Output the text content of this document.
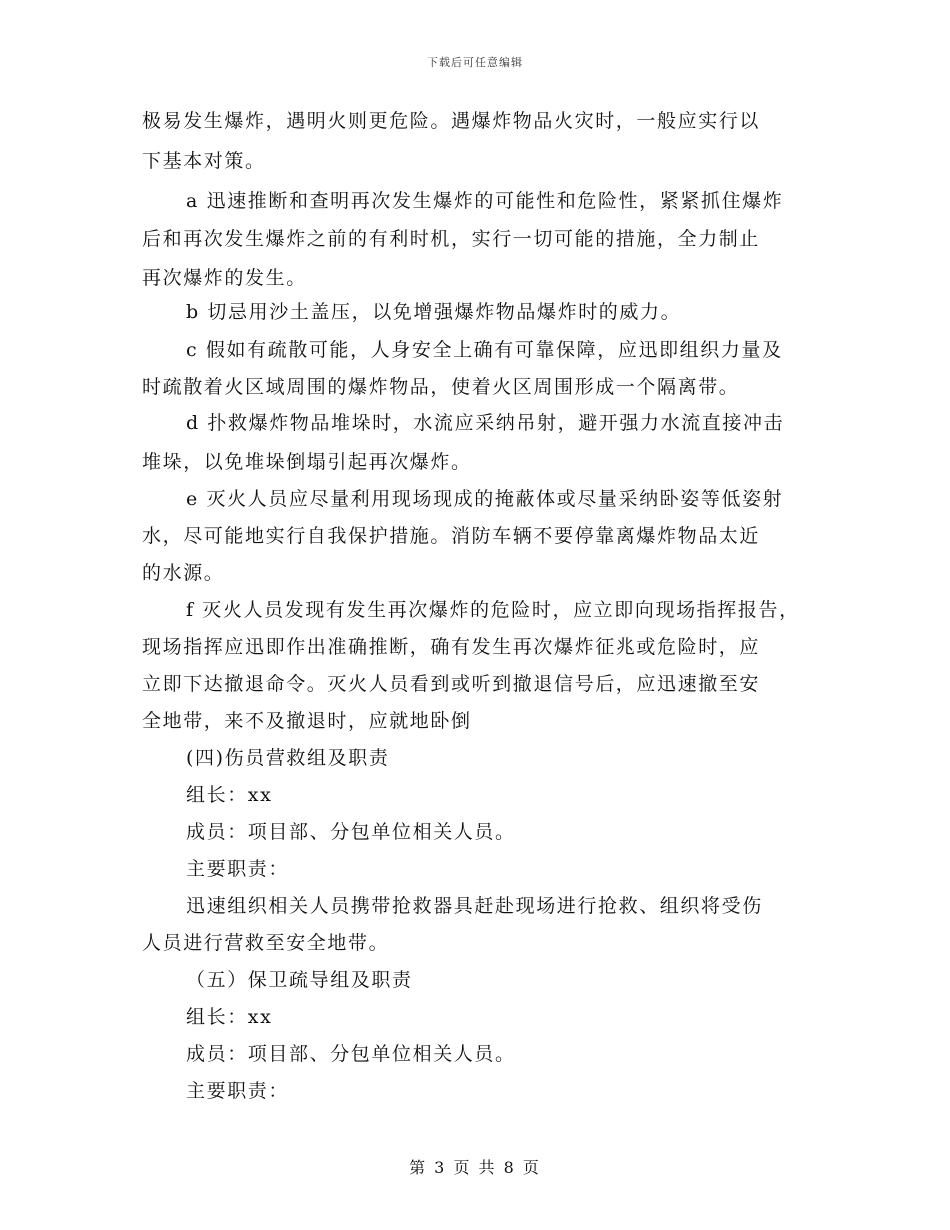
下载后可任意编辑
极易发生爆炸，遇明火则更危险。遇爆炸物品火灾时，一般应实行以
下基本对策。
a 迅速推断和查明再次发生爆炸的可能性和危险性，紧紧抓住爆炸
后和再次发生爆炸之前的有利时机，实行一切可能的措施，全力制止
再次爆炸的发生。
b 切忌用沙土盖压，以免增强爆炸物品爆炸时的威力。
c 假如有疏散可能，人身安全上确有可靠保障，应迅即组织力量及
时疏散着火区域周围的爆炸物品，使着火区周围形成一个隔离带。
d 扑救爆炸物品堆垛时，水流应采纳吊射，避开强力水流直接冲击
堆垛，以免堆垛倒塌引起再次爆炸。
e 灭火人员应尽量利用现场现成的掩蔽体或尽量采纳卧姿等低姿射
水，尽可能地实行自我保护措施。消防车辆不要停靠离爆炸物品太近
的水源。
f 灭火人员发现有发生再次爆炸的危险时，应立即向现场指挥报告，
现场指挥应迅即作出准确推断，确有发生再次爆炸征兆或危险时，应
立即下达撤退命令。灭火人员看到或听到撤退信号后，应迅速撤至安
全地带，来不及撤退时，应就地卧倒
(四)伤员营救组及职责
组长：xx
成员：项目部、分包单位相关人员。
主要职责：
迅速组织相关人员携带抢救器具赶赴现场进行抢救、组织将受伤
人员进行营救至安全地带。
（五）保卫疏导组及职责
组长：xx
成员：项目部、分包单位相关人员。
主要职责：
第 3 页 共 8 页
